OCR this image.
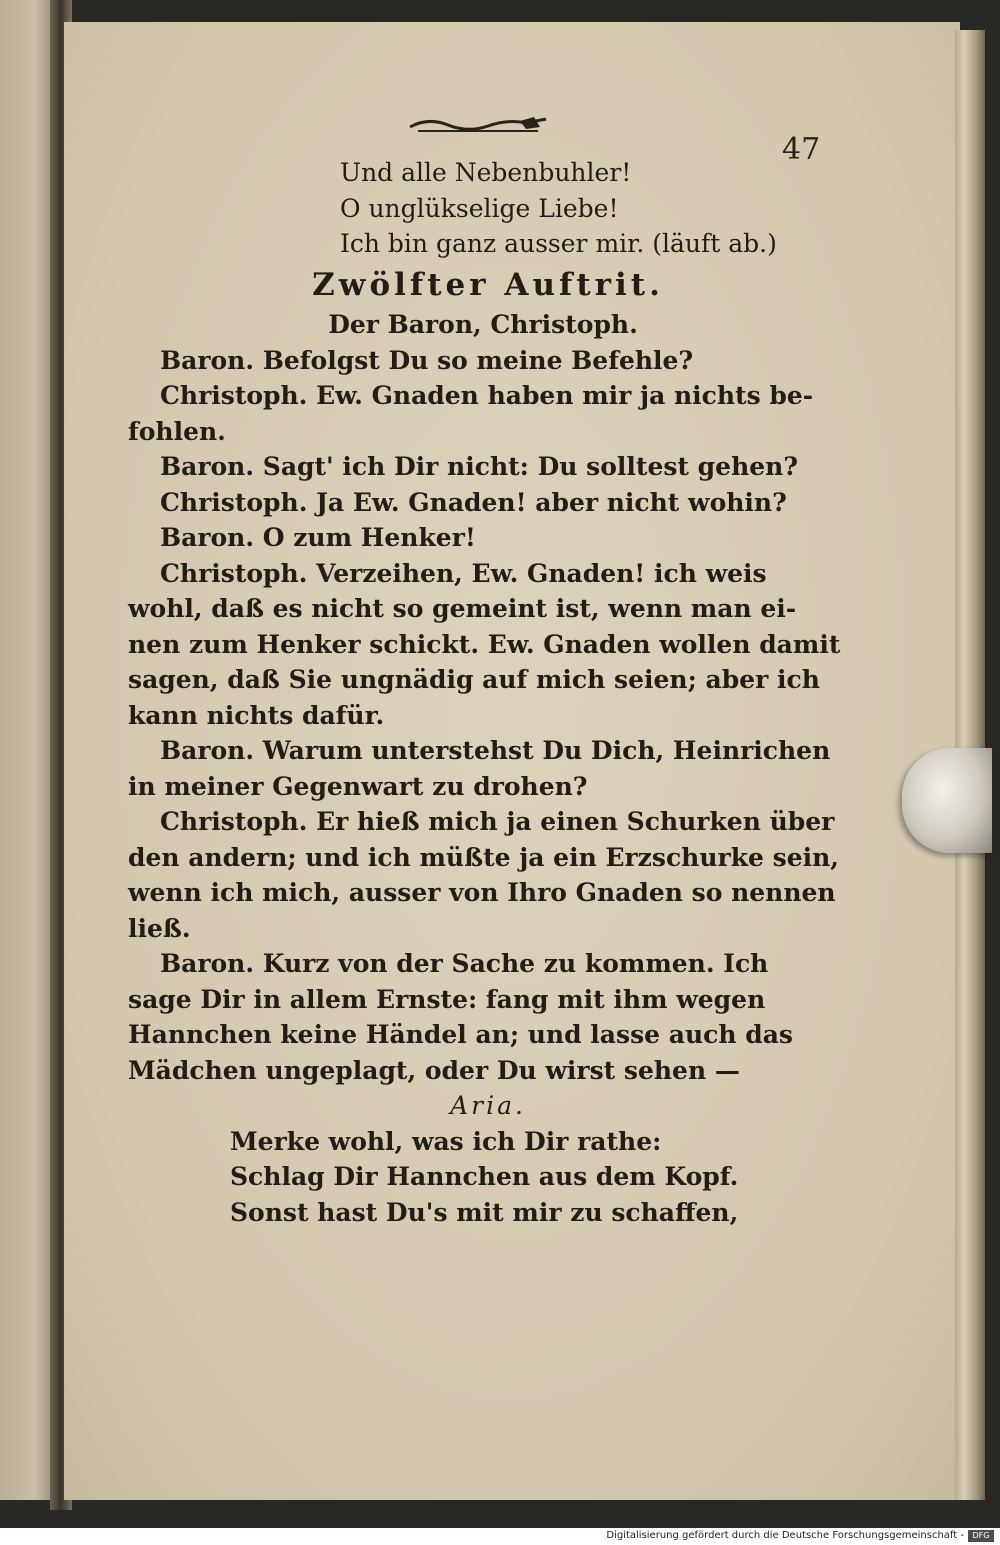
47
Und alle Nebenbuhler!
O unglükselige Liebe!
Ich bin ganz ausser mir. (läuft ab.)
Zwölfter Auftrit.
Der Baron, Christoph.
Baron. Befolgst Du so meine Befehle?
Christoph. Ew. Gnaden haben mir ja nichts be-
fohlen.
Baron. Sagt' ich Dir nicht: Du solltest gehen?
Christoph. Ja Ew. Gnaden! aber nicht wohin?
Baron. O zum Henker!
Christoph. Verzeihen, Ew. Gnaden! ich weis
wohl, daß es nicht so gemeint ist, wenn man ei-
nen zum Henker schickt. Ew. Gnaden wollen damit
sagen, daß Sie ungnädig auf mich seien; aber ich
kann nichts dafür.
Baron. Warum unterstehst Du Dich, Heinrichen
in meiner Gegenwart zu drohen?
Christoph. Er hieß mich ja einen Schurken über
den andern; und ich müßte ja ein Erzschurke sein,
wenn ich mich, ausser von Ihro Gnaden so nennen
ließ.
Baron. Kurz von der Sache zu kommen. Ich
sage Dir in allem Ernste: fang mit ihm wegen
Hannchen keine Händel an; und lasse auch das
Mädchen ungeplagt, oder Du wirst sehen —
Aria.
Merke wohl, was ich Dir rathe:
Schlag Dir Hannchen aus dem Kopf.
Sonst hast Du's mit mir zu schaffen,
Digitalisierung gefördert durch die Deutsche Forschungsgemeinschaft -	DFG
